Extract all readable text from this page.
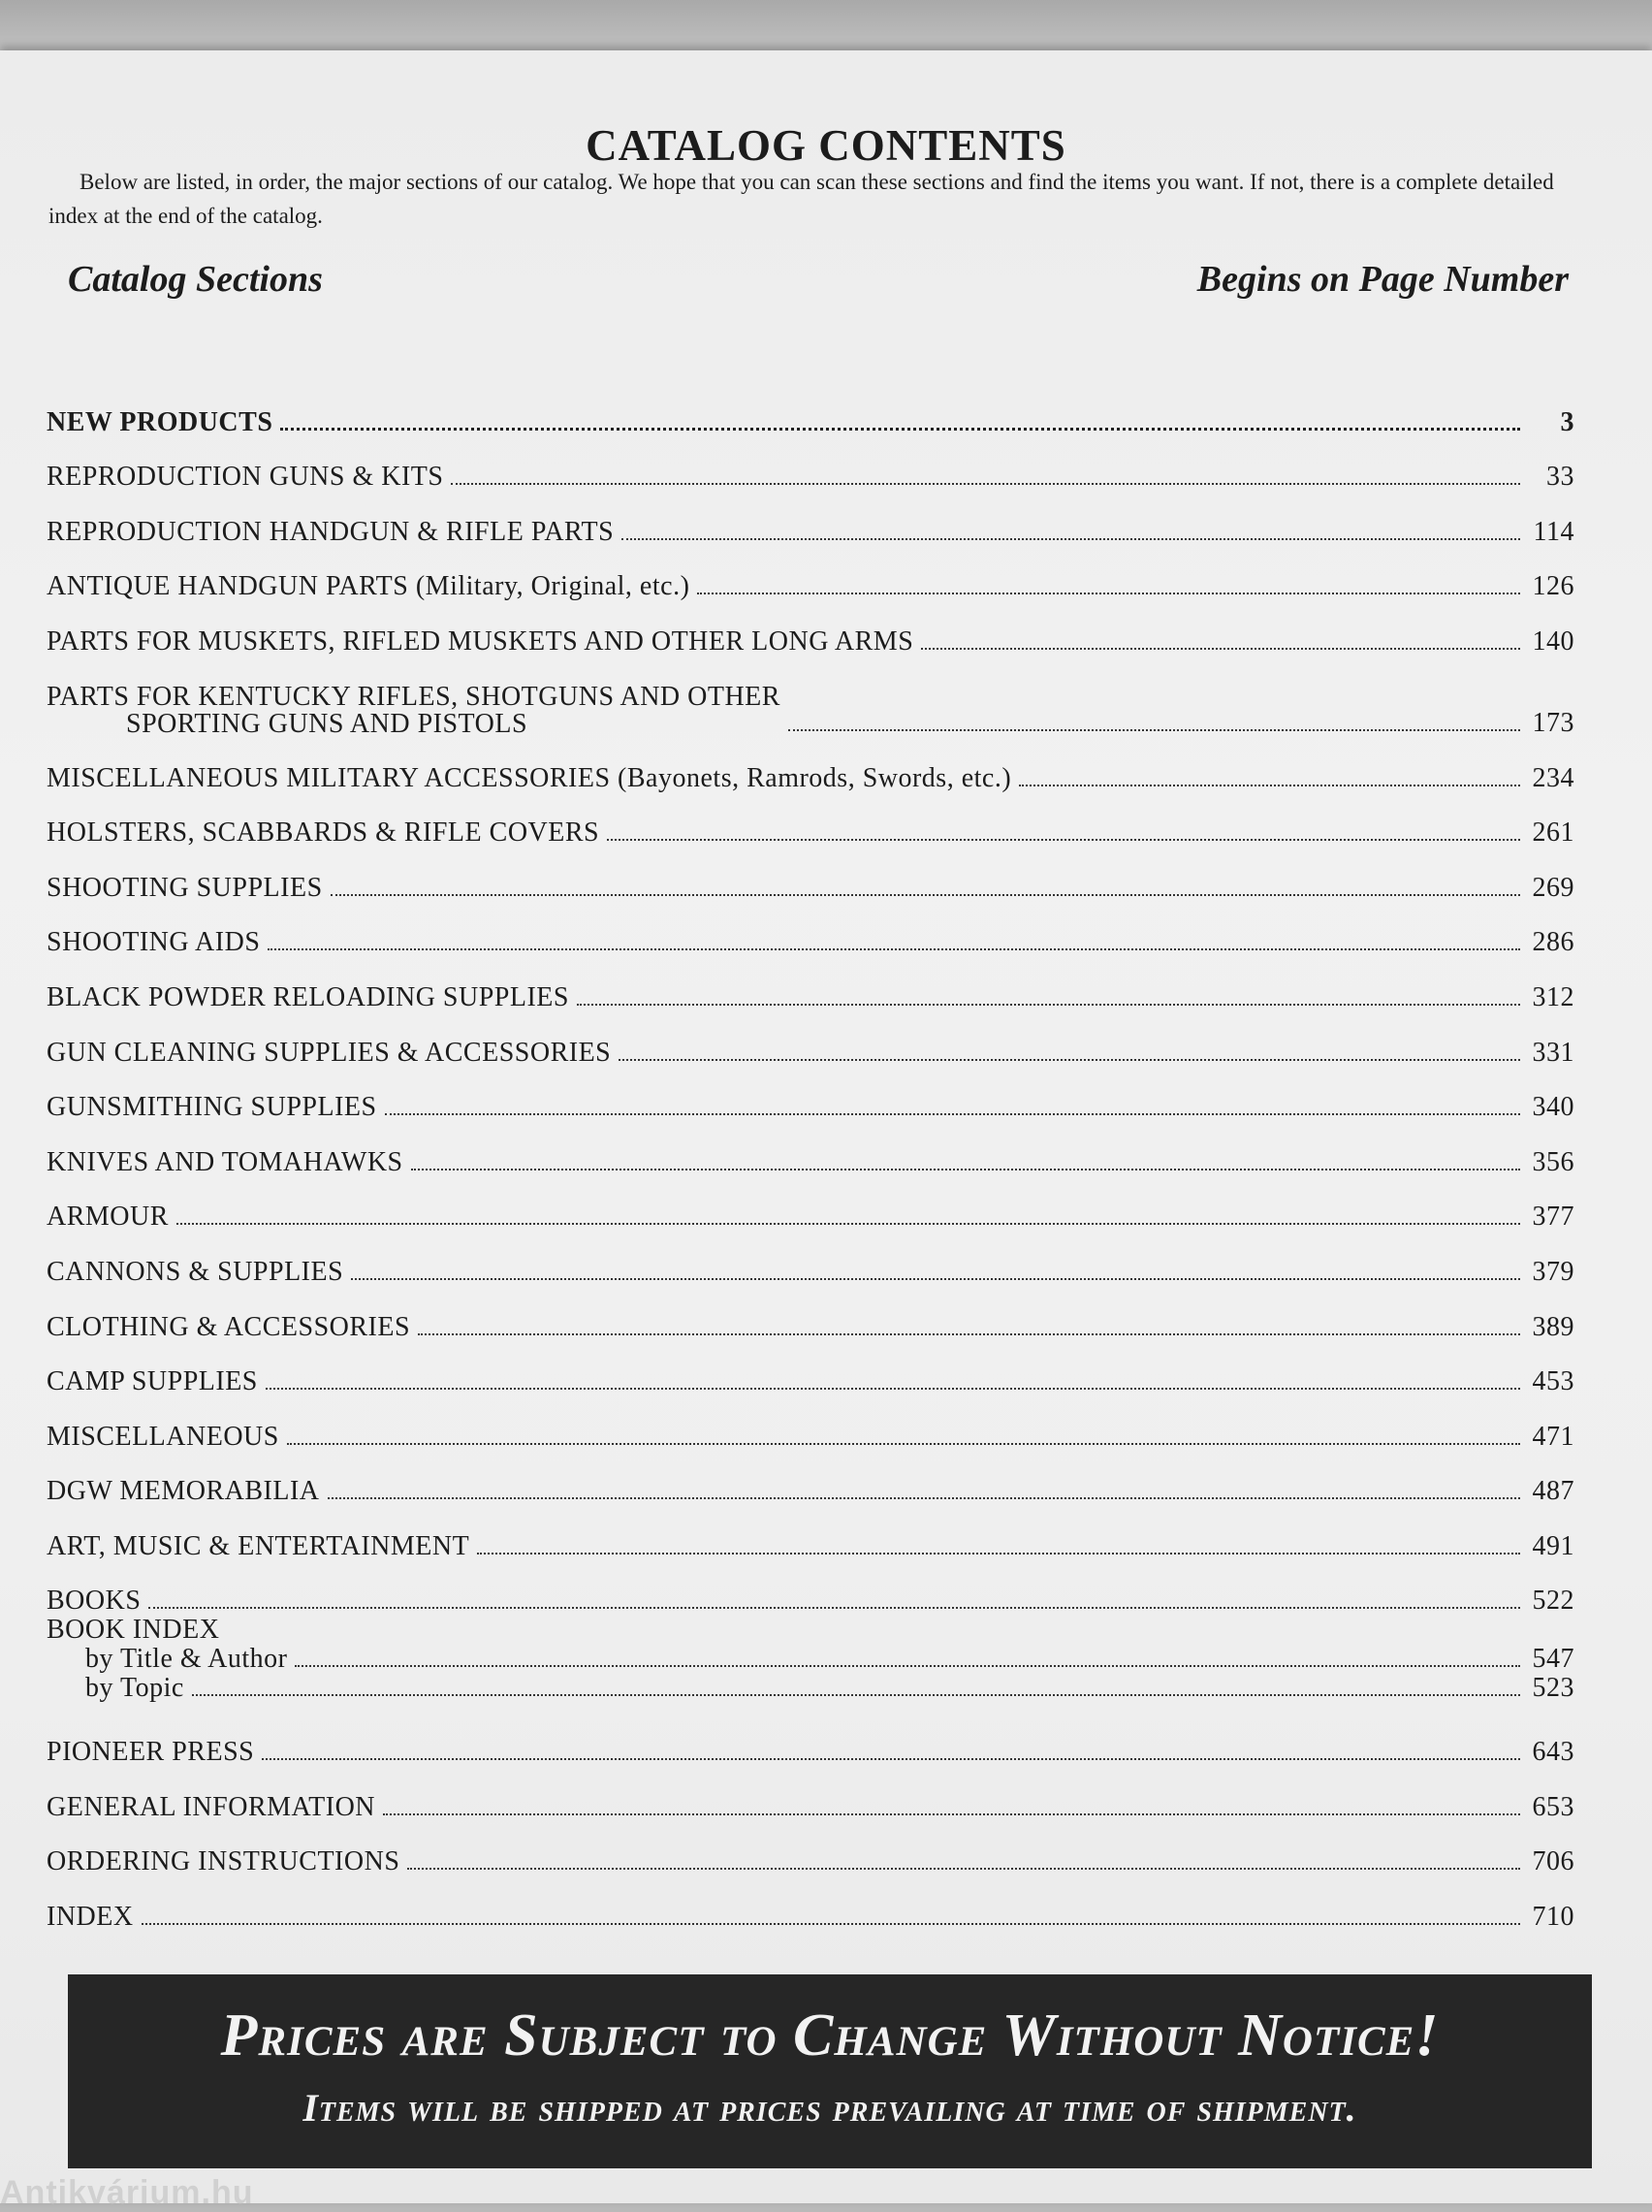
CATALOG CONTENTS

Below are listed, in order, the major sections of our catalog. We hope that you can scan these sections and find the items you want. If not, there is a complete detailed index at the end of the catalog.

Catalog Sections	Begins on Page Number
NEW PRODUCTS	3
REPRODUCTION GUNS & KITS	33
REPRODUCTION HANDGUN & RIFLE PARTS	114
ANTIQUE HANDGUN PARTS (Military, Original, etc.)	126
PARTS FOR MUSKETS, RIFLED MUSKETS AND OTHER LONG ARMS	140
PARTS FOR KENTUCKY RIFLES, SHOTGUNS AND OTHER
SPORTING GUNS AND PISTOLS	173
MISCELLANEOUS MILITARY ACCESSORIES (Bayonets, Ramrods, Swords, etc.)	234
HOLSTERS, SCABBARDS & RIFLE COVERS	261
SHOOTING SUPPLIES	269
SHOOTING AIDS	286
BLACK POWDER RELOADING SUPPLIES	312
GUN CLEANING SUPPLIES & ACCESSORIES	331
GUNSMITHING SUPPLIES	340
KNIVES AND TOMAHAWKS	356
ARMOUR	377
CANNONS & SUPPLIES	379
CLOTHING & ACCESSORIES	389
CAMP SUPPLIES	453
MISCELLANEOUS	471
DGW MEMORABILIA	487
ART, MUSIC & ENTERTAINMENT	491
BOOKS	522
BOOK INDEX
by Title & Author	547
by Topic	523
PIONEER PRESS	643
GENERAL INFORMATION	653
ORDERING INSTRUCTIONS	706
INDEX	710

Prices are Subject to Change Without Notice!

Items will be shipped at prices prevailing at time of shipment.

Antikvárium.hu
